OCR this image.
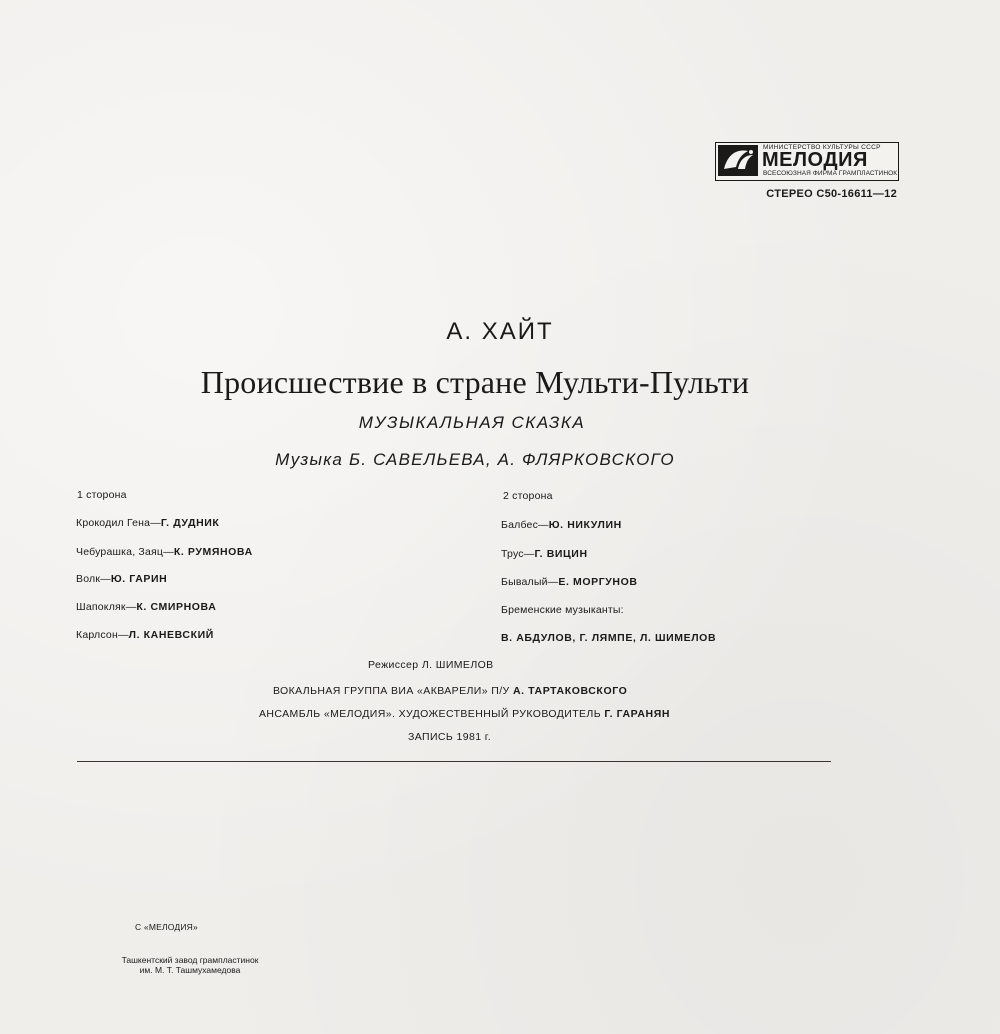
МИНИСТЕРСТВО КУЛЬТУРЫ СССР
МЕЛОДИЯ
ВСЕСОЮЗНАЯ ФИРМА ГРАМПЛАСТИНОК
СТЕРЕО С50-16611—12
А. ХАЙТ
Происшествие в стране Мульти-Пульти
МУЗЫКАЛЬНАЯ СКАЗКА
Музыка Б. САВЕЛЬЕВА, А. ФЛЯРКОВСКОГО
1 сторона
Крокодил Гена—Г. ДУДНИК
Чебурашка, Заяц—К. РУМЯНОВА
Волк—Ю. ГАРИН
Шапокляк—К. СМИРНОВА
Карлсон—Л. КАНЕВСКИЙ
2 сторона
Балбес—Ю. НИКУЛИН
Трус—Г. ВИЦИН
Бывалый—Е. МОРГУНОВ
Бременские музыканты:
В. АБДУЛОВ, Г. ЛЯМПЕ, Л. ШИМЕЛОВ
Режиссер Л. ШИМЕЛОВ
ВОКАЛЬНАЯ ГРУППА ВИА «АКВАРЕЛИ» П/У А. ТАРТАКОВСКОГО
АНСАМБЛЬ «МЕЛОДИЯ». ХУДОЖЕСТВЕННЫЙ РУКОВОДИТЕЛЬ Г. ГАРАНЯН
ЗАПИСЬ 1981 г.
С «МЕЛОДИЯ»
Ташкентский завод грампластинок
им. М. Т. Ташмухамедова
